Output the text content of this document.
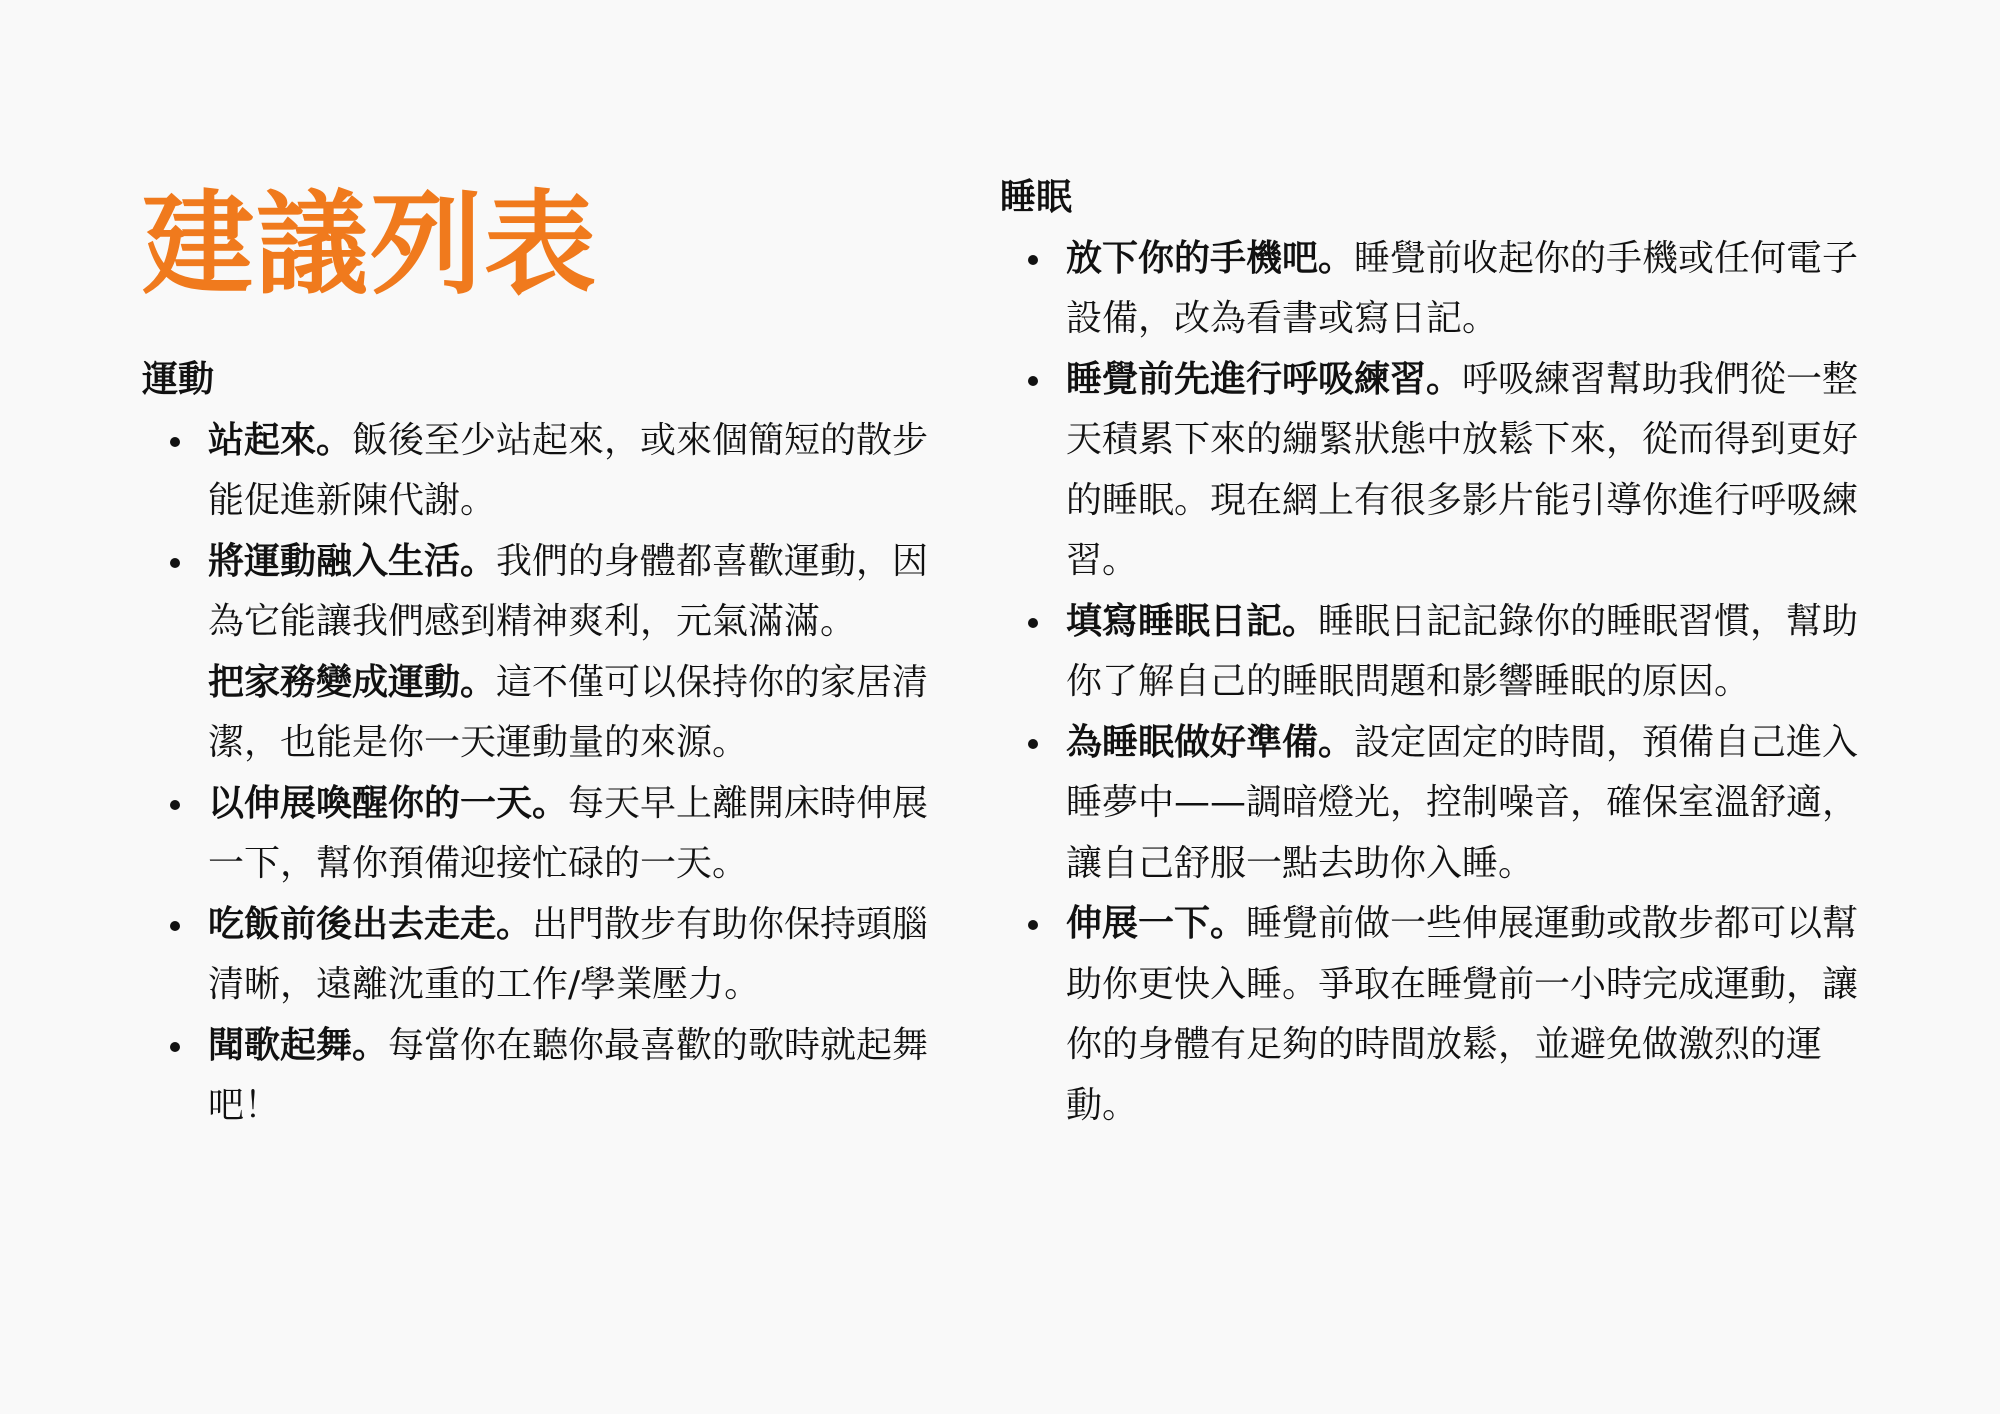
建議列表
運動
站起來。飯後至少站起來，或來個簡短的散步能促進新陳代謝。
將運動融入生活。我們的身體都喜歡運動，因為它能讓我們感到精神爽利，元氣滿滿。
把家務變成運動。這不僅可以保持你的家居清潔，也能是你一天運動量的來源。
以伸展喚醒你的一天。每天早上離開床時伸展一下，幫你預備迎接忙碌的一天。
吃飯前後出去走走。出門散步有助你保持頭腦清晰，遠離沈重的工作/學業壓力。
聞歌起舞。每當你在聽你最喜歡的歌時就起舞吧！
睡眠
放下你的手機吧。睡覺前收起你的手機或任何電子設備，改為看書或寫日記。
睡覺前先進行呼吸練習。呼吸練習幫助我們從一整天積累下來的繃緊狀態中放鬆下來，從而得到更好的睡眠。現在網上有很多影片能引導你進行呼吸練習。
填寫睡眠日記。睡眠日記記錄你的睡眠習慣，幫助你了解自己的睡眠問題和影響睡眠的原因。
為睡眠做好準備。設定固定的時間，預備自己進入睡夢中——調暗燈光，控制噪音，確保室溫舒適，讓自己舒服一點去助你入睡。
伸展一下。睡覺前做一些伸展運動或散步都可以幫助你更快入睡。爭取在睡覺前一小時完成運動，讓你的身體有足夠的時間放鬆，並避免做激烈的運動。
